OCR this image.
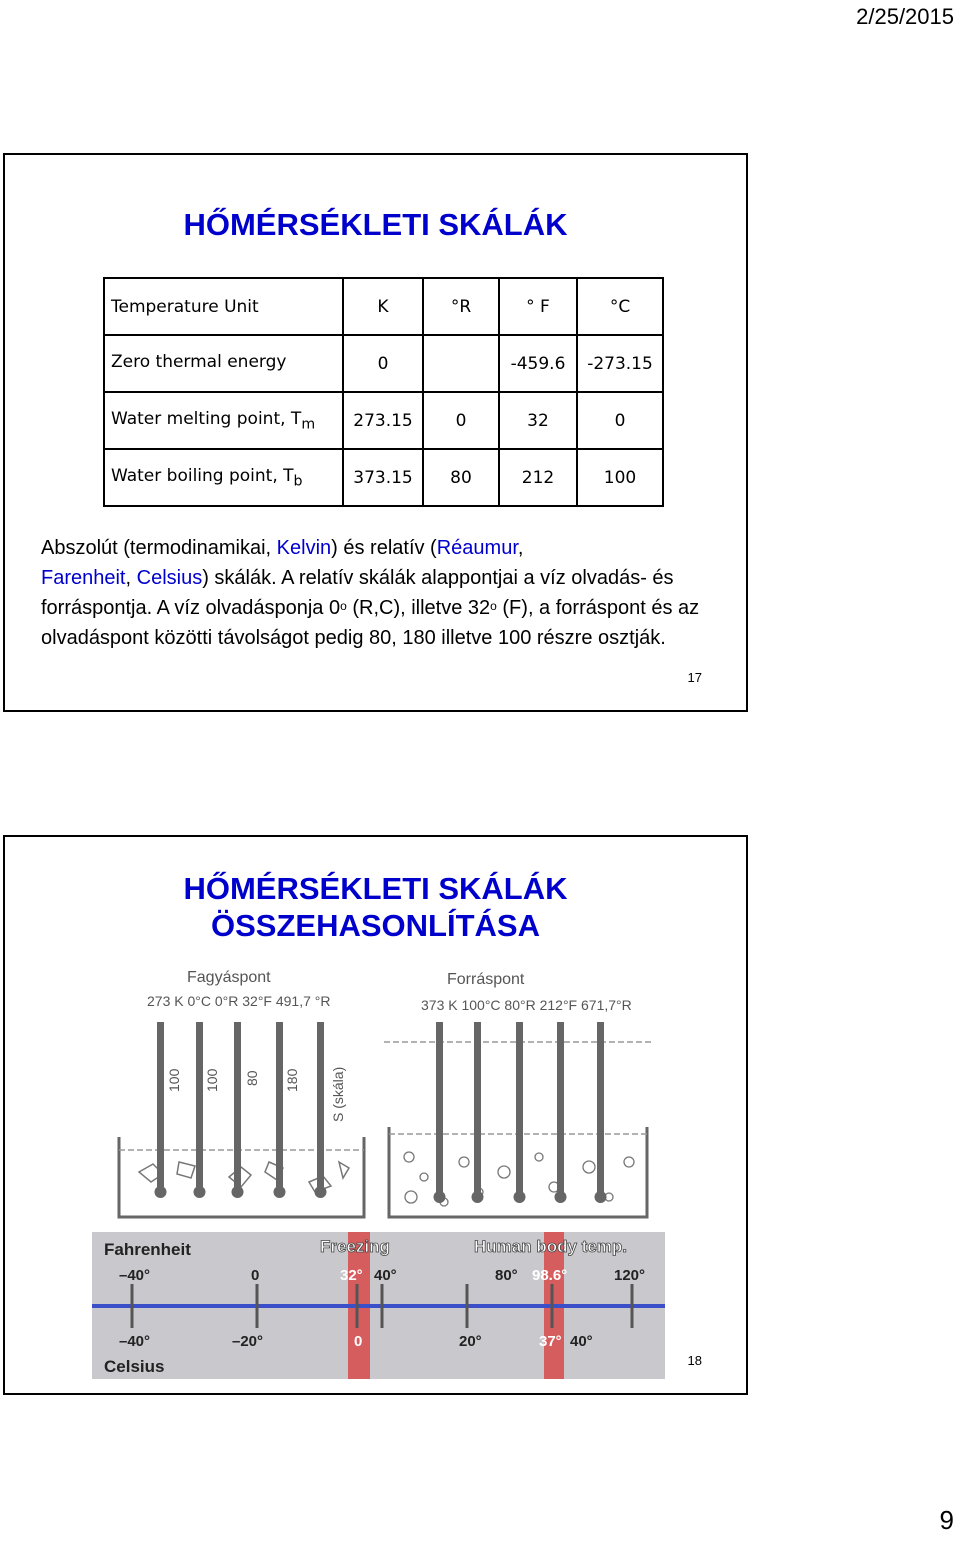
2/25/2015
HŐMÉRSÉKLETI SKÁLÁK
Temperature Unit	K	°R	° F	°C
Zero thermal energy	0		-459.6	-273.15
Water melting point, $T_m$	273.15	0	32	0
Water boiling point, $T_b$	373.15	80	212	100
Abszolút (termodinamikai, Kelvin) és relatív (Réaumur,
Farenheit, Celsius) skálák. A relatív skálák alappontjai a víz olvadás- és forráspontja. A víz olvadásponja 0$^o$ (R,C), illetve 32$^o$ (F), a forráspont és az olvadáspont közötti távolságot pedig 80, 180 illetve 100 részre osztják.
17
HŐMÉRSÉKLETI SKÁLÁK
ÖSSZEHASONLÍTÁSA
Fagyáspont	Forráspont
273 K 0°C 0°R 32°F 491,7 °R	373 K 100°C 80°R 212°F 671,7°R
100 100 80 180 S (skála)
Fahrenheit	Freezing	Human body temp.
–40°	0	32° 40°	80° 98.6°	120°
–40°	–20°	0	20°	37° 40°
Celsius	18
9
